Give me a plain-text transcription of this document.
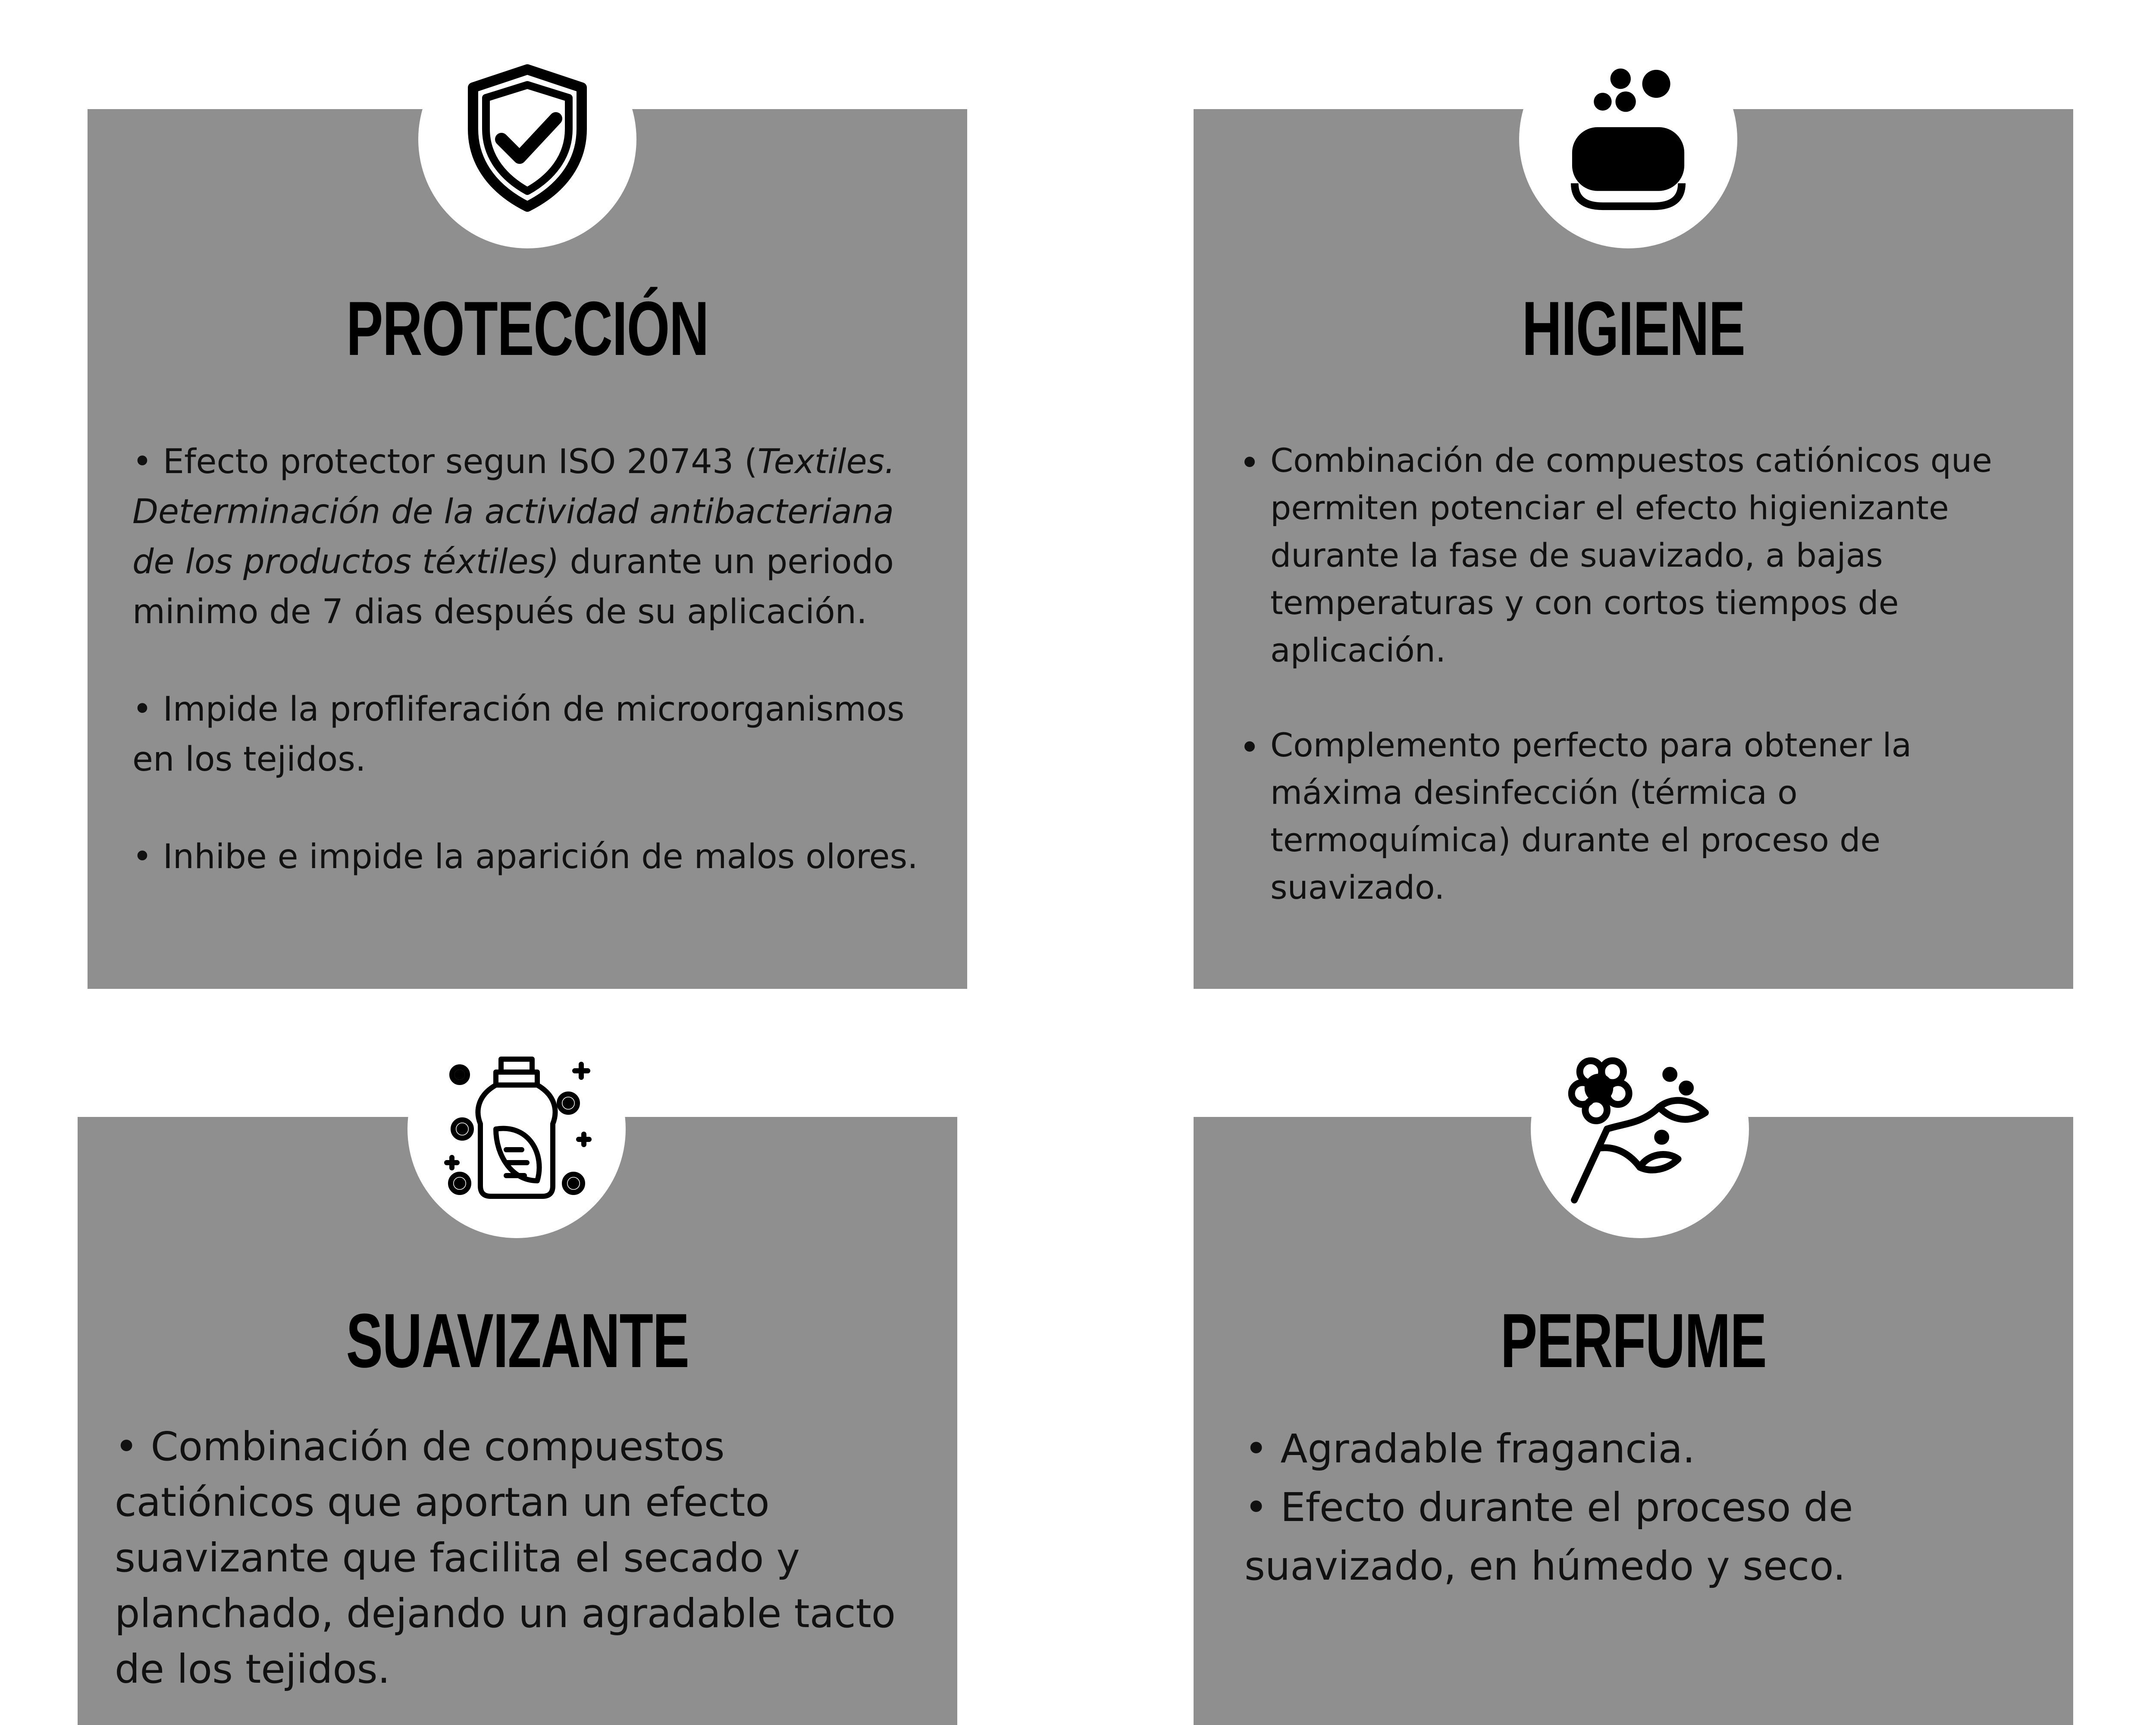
PROTECCIÓN

• Efecto protector segun ISO 20743 (Textiles. Determinación de la actividad antibacteriana de los productos téxtiles) durante un periodo minimo de 7 dias después de su aplicación.

• Impide la profliferación de microorganismos en los tejidos.

• Inhibe e impide la aparición de malos olores.

HIGIENE
• Combinación de compuestos catiónicos que permiten potenciar el efecto higienizante durante la fase de suavizado, a bajas temperaturas y con cortos tiempos de aplicación.
• Complemento perfecto para obtener la máxima desinfección (térmica o termoquímica) durante el proceso de suavizado.
SUAVIZANTE
• Combinación de compuestos catiónicos que aportan un efecto suavizante que facilita el secado y planchado, dejando un agradable tacto de los tejidos.
PERFUME

• Agradable fragancia.

• Efecto durante el proceso de suavizado, en húmedo y seco.
